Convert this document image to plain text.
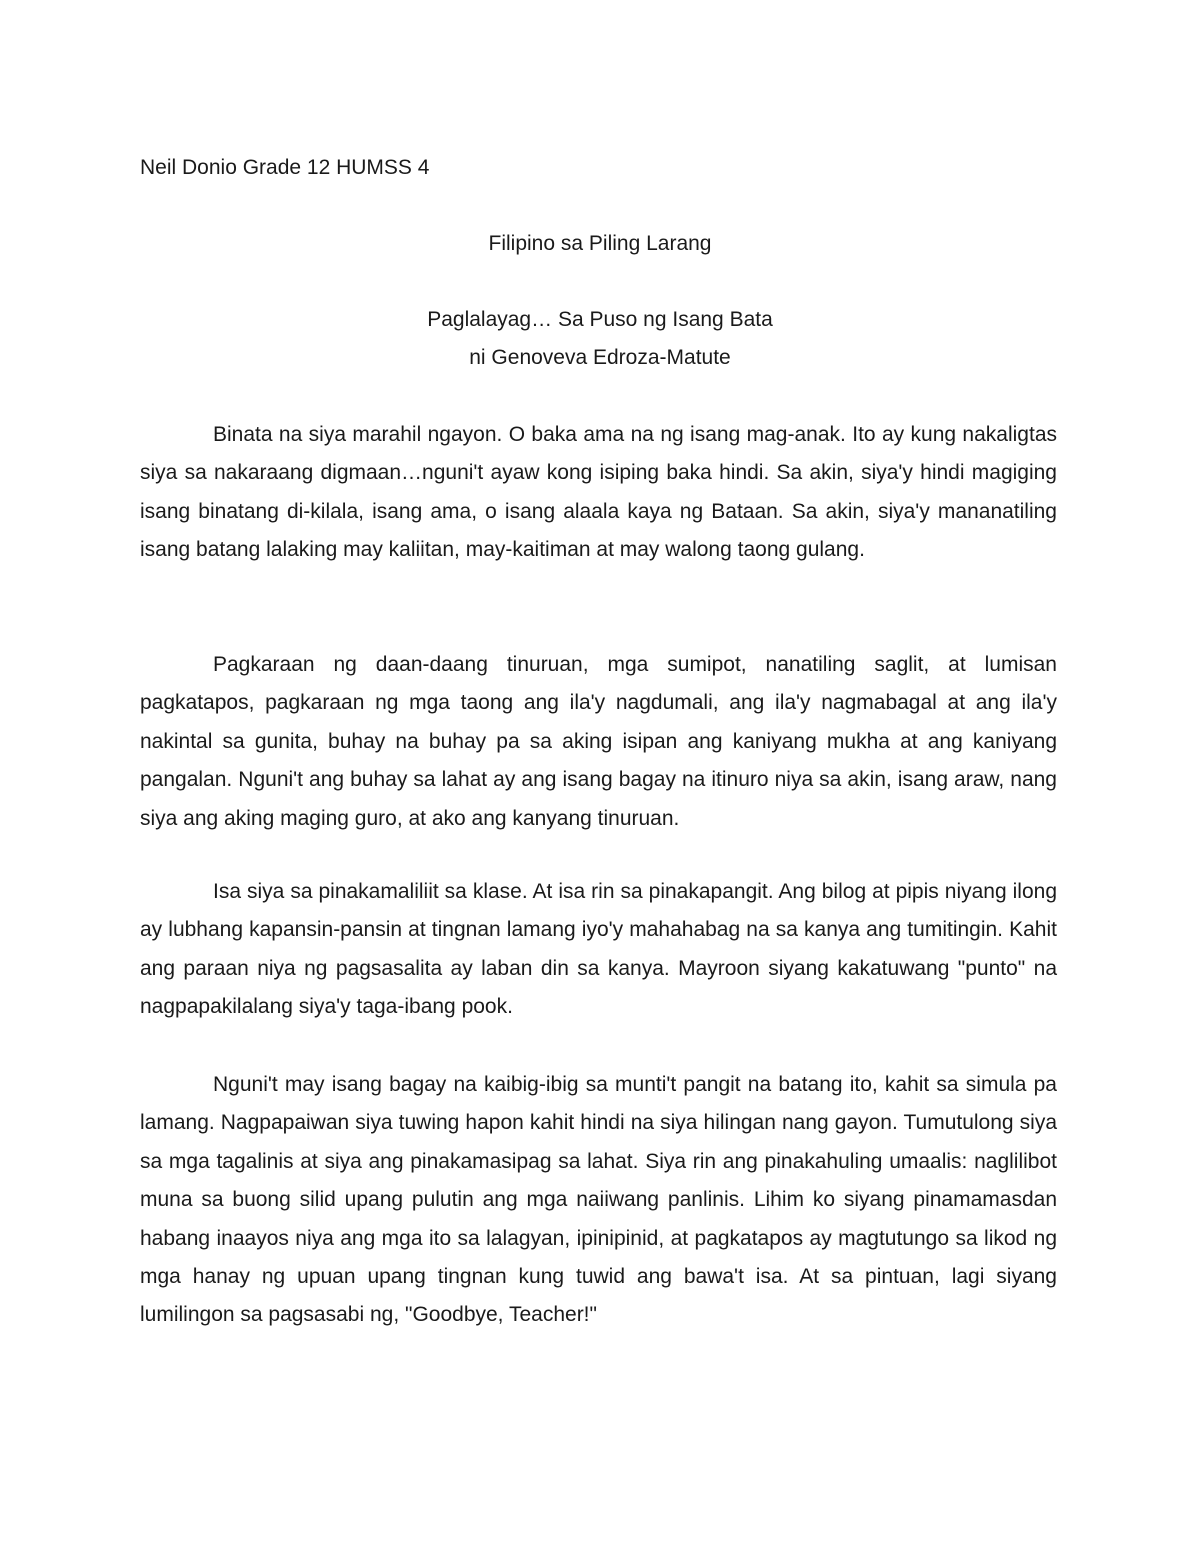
Neil Donio Grade 12 HUMSS 4
Filipino sa Piling Larang
Paglalayag… Sa Puso ng Isang Bata
ni Genoveva Edroza-Matute

Binata na siya marahil ngayon. O baka ama na ng isang mag-anak. Ito ay kung nakaligtas siya sa nakaraang digmaan…nguni't ayaw kong isiping baka hindi. Sa akin, siya'y hindi magiging isang binatang di-kilala, isang ama, o isang alaala kaya ng Bataan. Sa akin, siya'y mananatiling isang batang lalaking may kaliitan, may-kaitiman at may walong taong gulang.

Pagkaraan ng daan-daang tinuruan, mga sumipot, nanatiling saglit, at lumisan pagkatapos, pagkaraan ng mga taong ang ila'y nagdumali, ang ila'y nagmabagal at ang ila'y nakintal sa gunita, buhay na buhay pa sa aking isipan ang kaniyang mukha at ang kaniyang pangalan. Nguni't ang buhay sa lahat ay ang isang bagay na itinuro niya sa akin, isang araw, nang siya ang aking maging guro, at ako ang kanyang tinuruan.

Isa siya sa pinakamaliliit sa klase. At isa rin sa pinakapangit. Ang bilog at pipis niyang ilong ay lubhang kapansin-pansin at tingnan lamang iyo'y mahahabag na sa kanya ang tumitingin. Kahit ang paraan niya ng pagsasalita ay laban din sa kanya. Mayroon siyang kakatuwang "punto" na nagpapakilalang siya'y taga-ibang pook.

Nguni't may isang bagay na kaibig-ibig sa munti't pangit na batang ito, kahit sa simula pa lamang. Nagpapaiwan siya tuwing hapon kahit hindi na siya hilingan nang gayon. Tumutulong siya sa mga tagalinis at siya ang pinakamasipag sa lahat. Siya rin ang pinakahuling umaalis: naglilibot muna sa buong silid upang pulutin ang mga naiiwang panlinis. Lihim ko siyang pinamamasdan habang inaayos niya ang mga ito sa lalagyan, ipinipinid, at pagkatapos ay magtutungo sa likod ng mga hanay ng upuan upang tingnan kung tuwid ang bawa't isa. At sa pintuan, lagi siyang lumilingon sa pagsasabi ng, "Goodbye, Teacher!"
